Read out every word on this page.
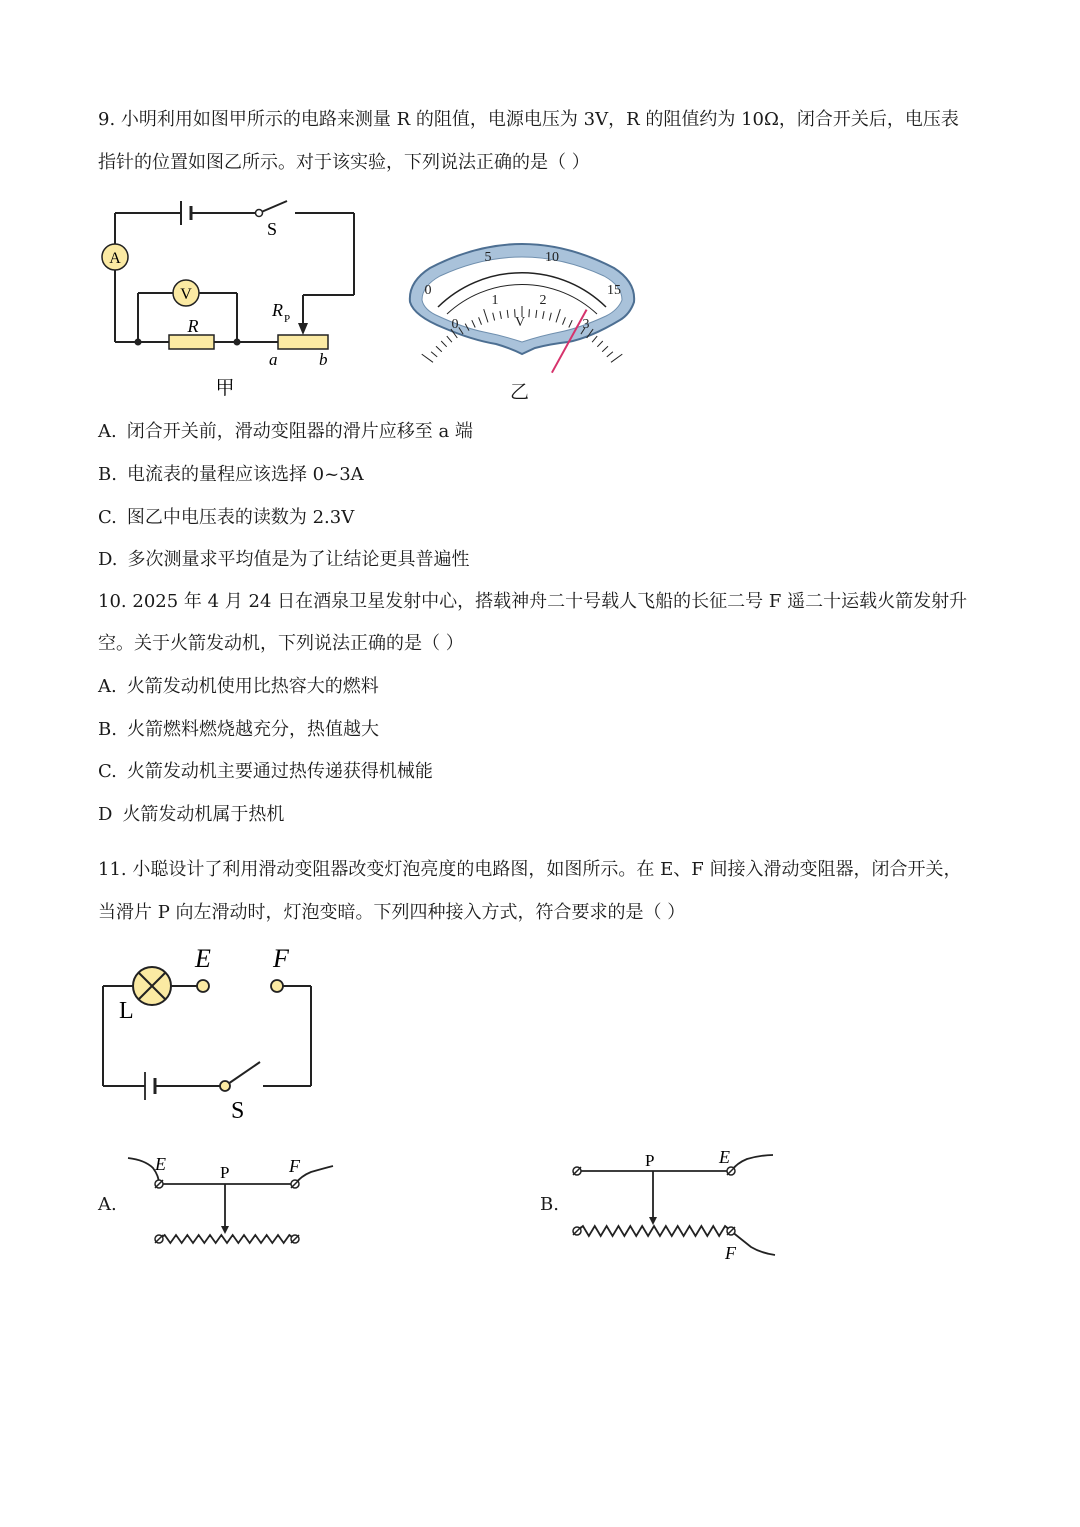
9. 小明利用如图甲所示的电路来测量 R 的阻值，电源电压为 3V，R 的阻值约为 10Ω，闭合开关后，电压表
指针的位置如图乙所示。对于该实验，下列说法正确的是（ ）
A
V
R
R P
S
a b
甲
0
5	10
15
0
1	2
3
V
乙
A. 闭合开关前，滑动变阻器的滑片应移至 a 端
B. 电流表的量程应该选择 0~3A
C. 图乙中电压表的读数为 2.3V
D. 多次测量求平均值是为了让结论更具普遍性
10. 2025 年 4 月 24 日在酒泉卫星发射中心，搭载神舟二十号载人飞船的长征二号 F 遥二十运载火箭发射升
空。关于火箭发动机，下列说法正确的是（ ）
A. 火箭发动机使用比热容大的燃料
B. 火箭燃料燃烧越充分，热值越大
C. 火箭发动机主要通过热传递获得机械能
D 火箭发动机属于热机
11. 小聪设计了利用滑动变阻器改变灯泡亮度的电路图，如图所示。在 E、F 间接入滑动变阻器，闭合开关，
当滑片 P 向左滑动时，灯泡变暗。下列四种接入方式，符合要求的是（ ）
L
E F
S
A.
E	P	F
B.
E
P
F
